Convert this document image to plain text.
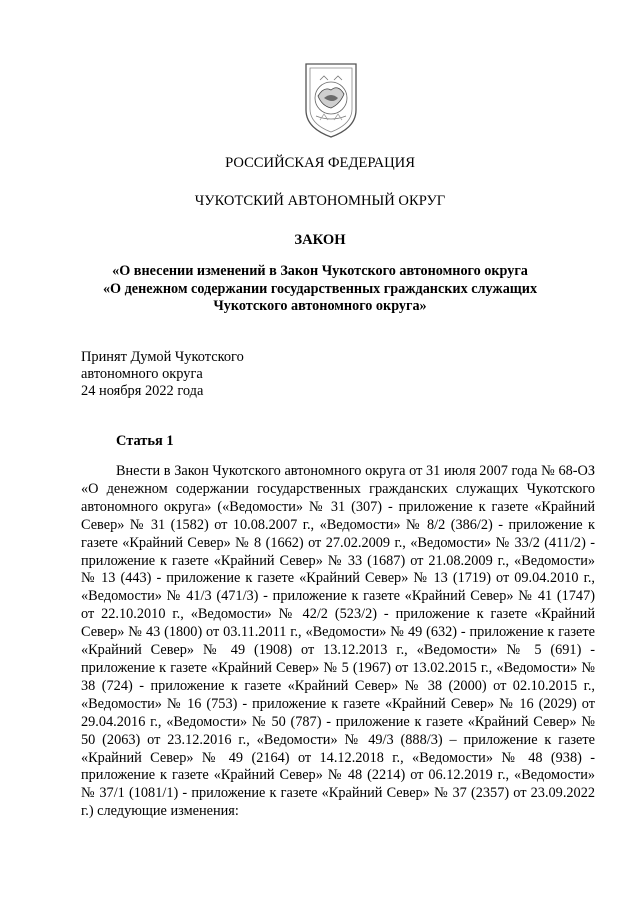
РОССИЙСКАЯ ФЕДЕРАЦИЯ

ЧУКОТСКИЙ АВТОНОМНЫЙ ОКРУГ

ЗАКОН

«О внесении изменений в Закон Чукотского автономного округа
«О денежном содержании государственных гражданских служащих
Чукотского автономного округа»
Принят Думой Чукотского
автономного округа
24 ноября 2022 года

Статья 1

Внести в Закон Чукотского автономного округа от 31 июля 2007 года № 68-ОЗ «О денежном содержании государственных гражданских служащих Чукотского автономного округа» («Ведомости» № 31 (307) - приложение к газете «Крайний Север» № 31 (1582) от 10.08.2007 г., «Ведомости» № 8/2 (386/2) - приложение к газете «Крайний Север» № 8 (1662) от 27.02.2009 г., «Ведомости» № 33/2 (411/2) - приложение к газете «Крайний Север» № 33 (1687) от 21.08.2009 г., «Ведомости» № 13 (443) - приложение к газете «Крайний Север» № 13 (1719) от 09.04.2010 г., «Ведомости» № 41/3 (471/3) - приложение к газете «Крайний Север» № 41 (1747) от 22.10.2010 г., «Ведомости» № 42/2 (523/2) - приложение к газете «Крайний Север» № 43 (1800) от 03.11.2011 г., «Ведомости» № 49 (632) - приложение к газете «Крайний Север» № 49 (1908) от 13.12.2013 г., «Ведомости» № 5 (691) - приложение к газете «Крайний Север» № 5 (1967) от 13.02.2015 г., «Ведомости» № 38 (724) - приложение к газете «Крайний Север» № 38 (2000) от 02.10.2015 г., «Ведомости» № 16 (753) - приложение к газете «Крайний Север» № 16 (2029) от 29.04.2016 г., «Ведомости» № 50 (787) - приложение к газете «Крайний Север» № 50 (2063) от 23.12.2016 г., «Ведомости» № 49/3 (888/3) – приложение к газете «Крайний Север» № 49 (2164) от 14.12.2018 г., «Ведомости» № 48 (938) - приложение к газете «Крайний Север» № 48 (2214) от 06.12.2019 г., «Ведомости» № 37/1 (1081/1) - приложение к газете «Крайний Север» № 37 (2357) от 23.09.2022 г.) следующие изменения:
